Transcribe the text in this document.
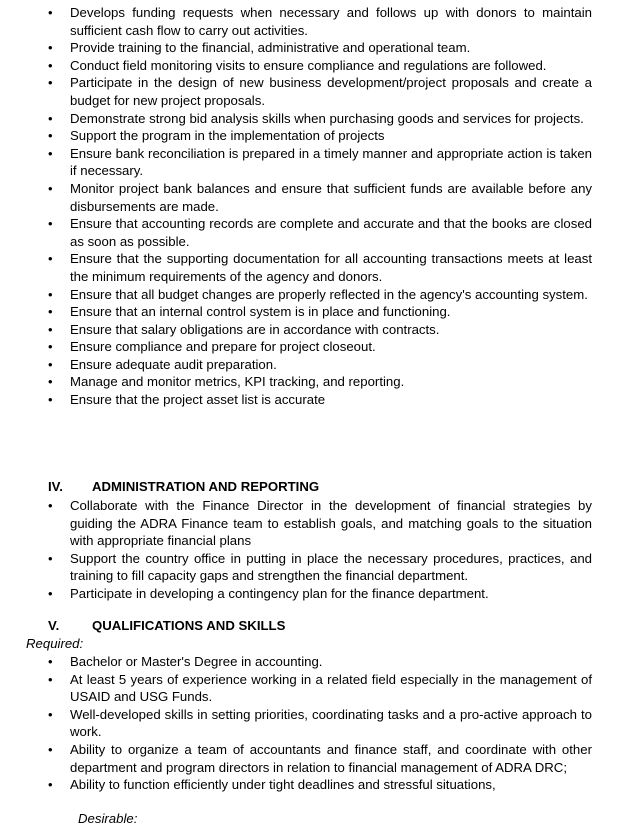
• Develops funding requests when necessary and follows up with donors to maintain sufficient cash flow to carry out activities.
• Provide training to the financial, administrative and operational team.
• Conduct field monitoring visits to ensure compliance and regulations are followed.
• Participate in the design of new business development/project proposals and create a budget for new project proposals.
• Demonstrate strong bid analysis skills when purchasing goods and services for projects.
• Support the program in the implementation of projects
• Ensure bank reconciliation is prepared in a timely manner and appropriate action is taken if necessary.
• Monitor project bank balances and ensure that sufficient funds are available before any disbursements are made.
• Ensure that accounting records are complete and accurate and that the books are closed as soon as possible.
• Ensure that the supporting documentation for all accounting transactions meets at least the minimum requirements of the agency and donors.
• Ensure that all budget changes are properly reflected in the agency's accounting system.
• Ensure that an internal control system is in place and functioning.
• Ensure that salary obligations are in accordance with contracts.
• Ensure compliance and prepare for project closeout.
• Ensure adequate audit preparation.
• Manage and monitor metrics, KPI tracking, and reporting.
• Ensure that the project asset list is accurate
IV. ADMINISTRATION AND REPORTING
• Collaborate with the Finance Director in the development of financial strategies by guiding the ADRA Finance team to establish goals, and matching goals to the situation with appropriate financial plans
• Support the country office in putting in place the necessary procedures, practices, and training to fill capacity gaps and strengthen the financial department.
• Participate in developing a contingency plan for the finance department.
V. QUALIFICATIONS AND SKILLS
Required:
• Bachelor or Master's Degree in accounting.
• At least 5 years of experience working in a related field especially in the management of USAID and USG Funds.
• Well-developed skills in setting priorities, coordinating tasks and a pro-active approach to work.
• Ability to organize a team of accountants and finance staff, and coordinate with other department and program directors in relation to financial management of ADRA DRC;
• Ability to function efficiently under tight deadlines and stressful situations,
Desirable:
